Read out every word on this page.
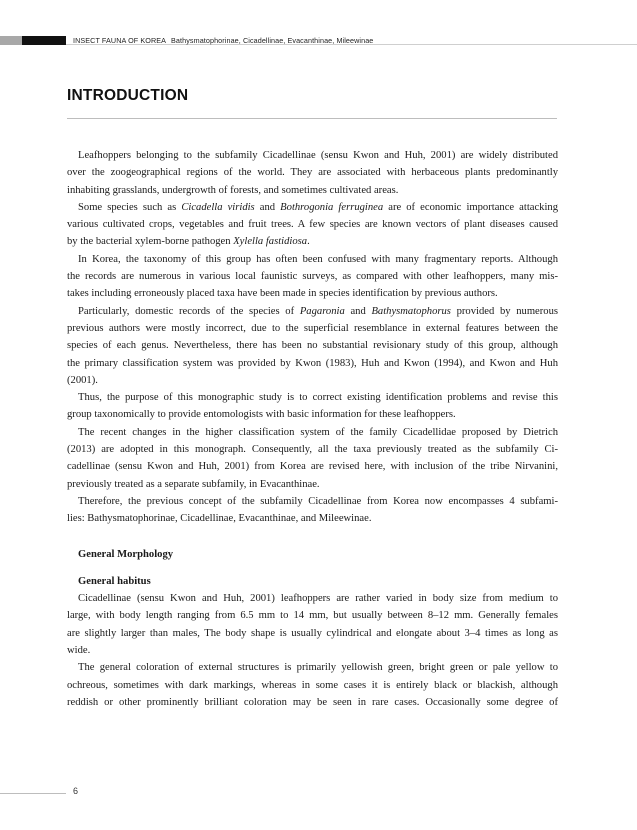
INSECT FAUNA OF KOREA Bathysmatophorinae, Cicadellinae, Evacanthinae, Mileewinae
INTRODUCTION

Leafhoppers belonging to the subfamily Cicadellinae (sensu Kwon and Huh, 2001) are widely distributed
over the zoogeographical regions of the world. They are associated with herbaceous plants predominantly
inhabiting grasslands, undergrowth of forests, and sometimes cultivated areas.

Some species such as Cicadella viridis and Bothrogonia ferruginea are of economic importance attacking
various cultivated crops, vegetables and fruit trees. A few species are known vectors of plant diseases caused
by the bacterial xylem-borne pathogen Xylella fastidiosa.

In Korea, the taxonomy of this group has often been confused with many fragmentary reports. Although
the records are numerous in various local faunistic surveys, as compared with other leafhoppers, many mis-
takes including erroneously placed taxa have been made in species identification by previous authors.

Particularly, domestic records of the species of Pagaronia and Bathysmatophorus provided by numerous
previous authors were mostly incorrect, due to the superficial resemblance in external features between the
species of each genus. Nevertheless, there has been no substantial revisionary study of this group, although
the primary classification system was provided by Kwon (1983), Huh and Kwon (1994), and Kwon and Huh
(2001).

Thus, the purpose of this monographic study is to correct existing identification problems and revise this
group taxonomically to provide entomologists with basic information for these leafhoppers.

The recent changes in the higher classification system of the family Cicadellidae proposed by Dietrich
(2013) are adopted in this monograph. Consequently, all the taxa previously treated as the subfamily Ci-
cadellinae (sensu Kwon and Huh, 2001) from Korea are revised here, with inclusion of the tribe Nirvanini,
previously treated as a separate subfamily, in Evacanthinae.

Therefore, the previous concept of the subfamily Cicadellinae from Korea now encompasses 4 subfami-
lies: Bathysmatophorinae, Cicadellinae, Evacanthinae, and Mileewinae.

General Morphology
General habitus

Cicadellinae (sensu Kwon and Huh, 2001) leafhoppers are rather varied in body size from medium to
large, with body length ranging from 6.5 mm to 14 mm, but usually between 8‒12 mm. Generally females
are slightly larger than males, The body shape is usually cylindrical and elongate about 3‒4 times as long as
wide.

The general coloration of external structures is primarily yellowish green, bright green or pale yellow to
ochreous, sometimes with dark markings, whereas in some cases it is entirely black or blackish, although
reddish or other prominently brilliant coloration may be seen in rare cases. Occasionally some degree of

6
